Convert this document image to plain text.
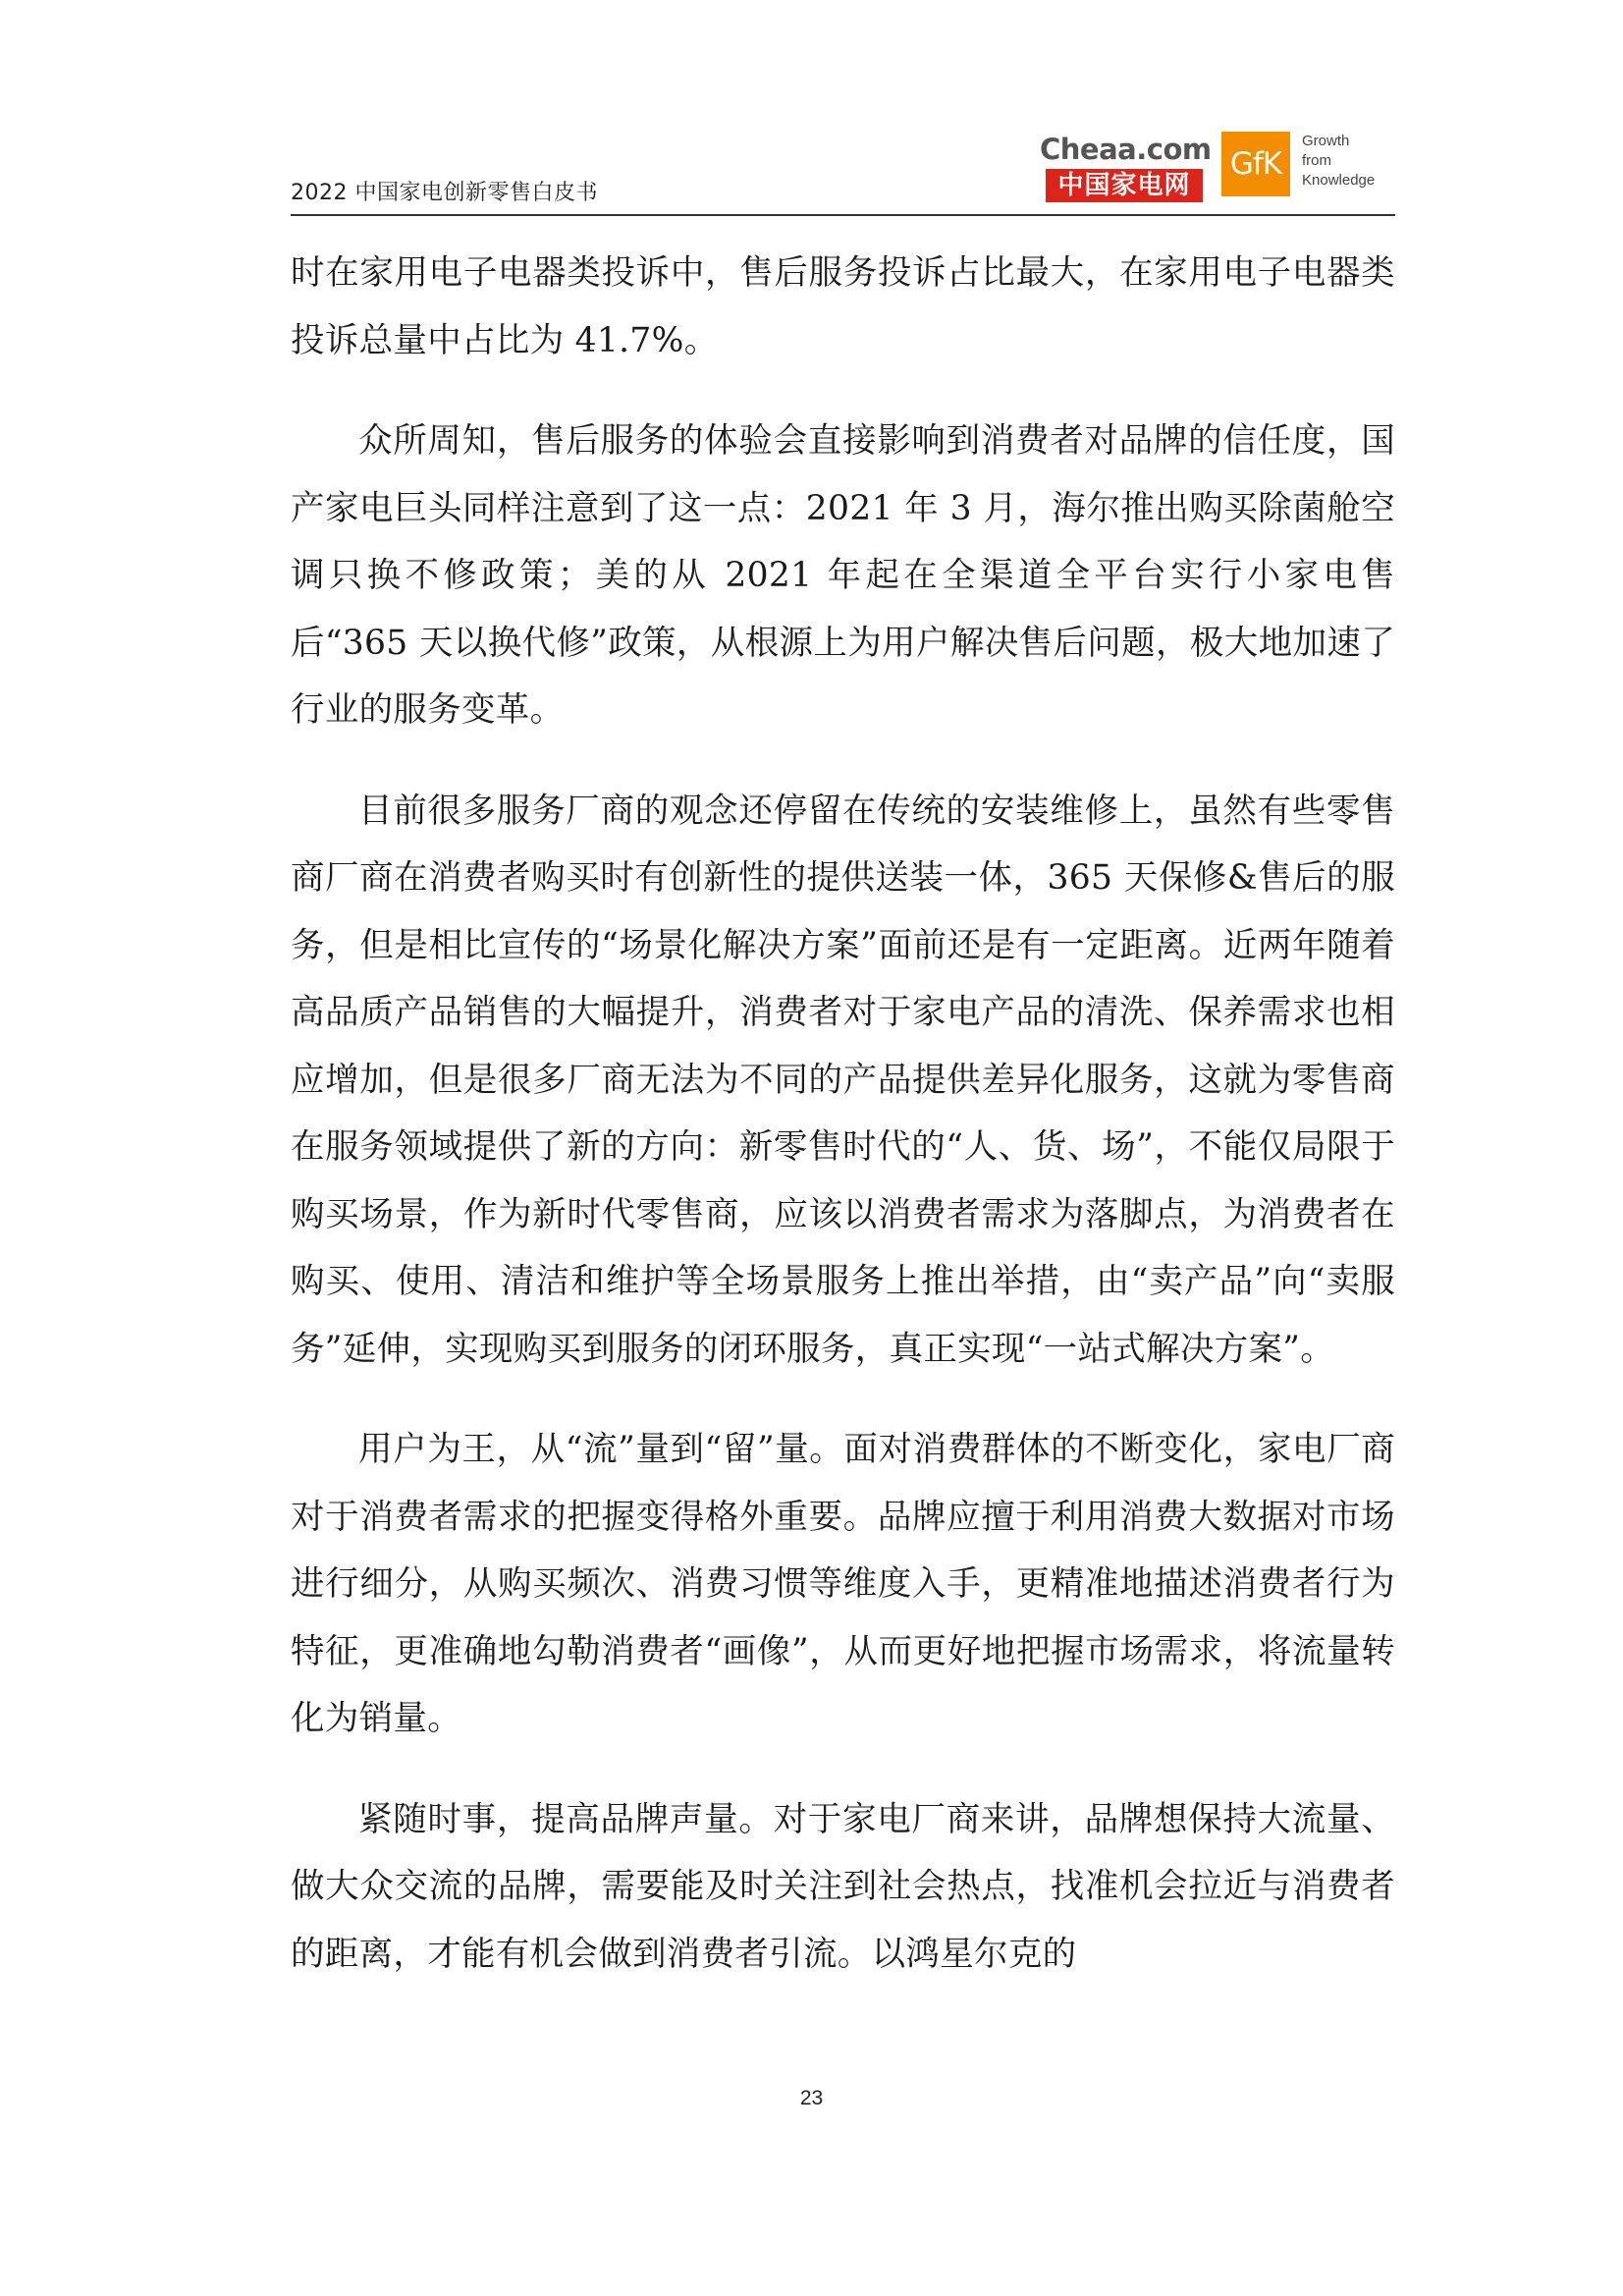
2022 中国家电创新零售白皮书
Cheaa.com
中国家电网
GfK
Growth
from
Knowledge

时在家用电子电器类投诉中，售后服务投诉占比最大，在家用电子电器类投诉总量中占比为 41.7%。

众所周知，售后服务的体验会直接影响到消费者对品牌的信任度，国产家电巨头同样注意到了这一点：2021 年 3 月，海尔推出购买除菌舱空调只换不修政策；美的从 2021 年起在全渠道全平台实行小家电售后“365 天以换代修”政策，从根源上为用户解决售后问题，极大地加速了行业的服务变革。

目前很多服务厂商的观念还停留在传统的安装维修上，虽然有些零售商厂商在消费者购买时有创新性的提供送装一体，365 天保修&售后的服务，但是相比宣传的“场景化解决方案”面前还是有一定距离。近两年随着高品质产品销售的大幅提升，消费者对于家电产品的清洗、保养需求也相应增加，但是很多厂商无法为不同的产品提供差异化服务，这就为零售商在服务领域提供了新的方向：新零售时代的“人、货、场”，不能仅局限于购买场景，作为新时代零售商，应该以消费者需求为落脚点，为消费者在购买、使用、清洁和维护等全场景服务上推出举措，由“卖产品”向“卖服务”延伸，实现购买到服务的闭环服务，真正实现“一站式解决方案”。

用户为王，从“流”量到“留”量。面对消费群体的不断变化，家电厂商对于消费者需求的把握变得格外重要。品牌应擅于利用消费大数据对市场进行细分，从购买频次、消费习惯等维度入手，更精准地描述消费者行为特征，更准确地勾勒消费者“画像”，从而更好地把握市场需求，将流量转化为销量。

紧随时事，提高品牌声量。对于家电厂商来讲，品牌想保持大流量、做大众交流的品牌，需要能及时关注到社会热点，找准机会拉近与消费者的距离，才能有机会做到消费者引流。以鸿星尔克的

23
